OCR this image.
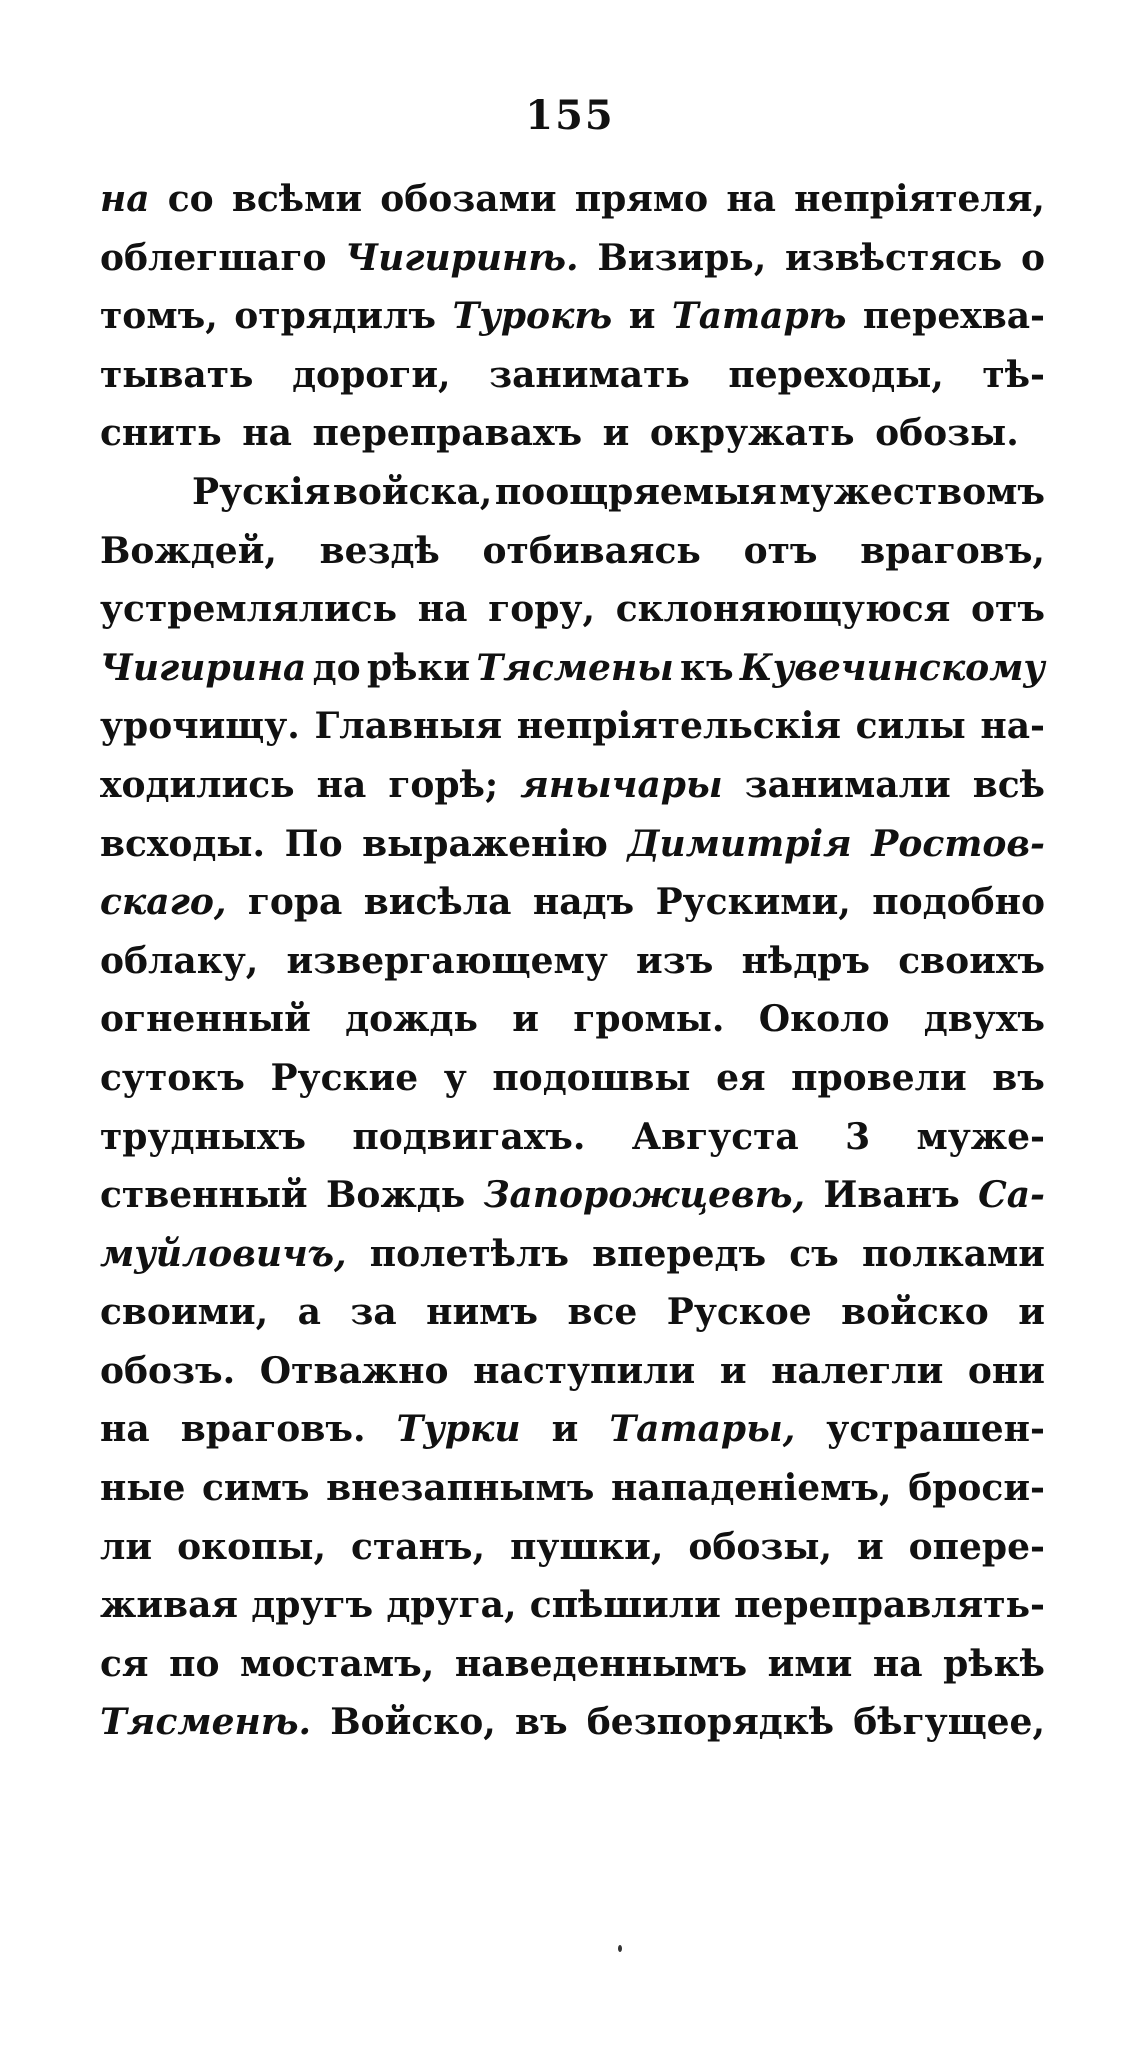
155
на со всѣми обозами прямо на непріятеля,
облегшаго Чигиринѣ. Визирь, извѣстясь о
томъ, отрядилъ Турокѣ и Татарѣ перехва-
тывать дороги, занимать переходы, тѣ-
снить
на
переправахъ
и
окружать
обозы.
Рускія войска, поощряемыя мужествомъ
Вождей, вездѣ отбиваясь отъ враговъ,
устремлялись на гору, склоняющуюся отъ
Чигирина до рѣки Тясмены къ Кувечинскому
урочищу. Главныя непріятельскія силы на-
ходились на горѣ; янычары занимали всѣ
всходы. По выраженію Димитрія Ростов-
скаго, гора висѣла надъ Руcкими, подобно
облаку, извергающему изъ нѣдръ своихъ
огненный дождь и громы. Около двухъ
сутокъ Руские у подошвы ея провели въ
трудныхъ подвигахъ. Августа 3 муже-
ственный Вождь Запорожцевѣ, Иванъ Са-
муйловичъ, полетѣлъ впередъ съ полками
своими, а за нимъ все Руское войско и
обозъ. Отважно наступили и налегли они
на враговъ. Турки и Татары, устрашен-
ные симъ внезапнымъ нападеніемъ, броси-
ли окопы, станъ, пушки, обозы, и опере-
живая другъ друга, спѣшили переправлять-
ся по мостамъ, наведеннымъ ими на рѣкѣ
Тясменѣ. Войско, въ безпорядкѣ бѣгущее,
